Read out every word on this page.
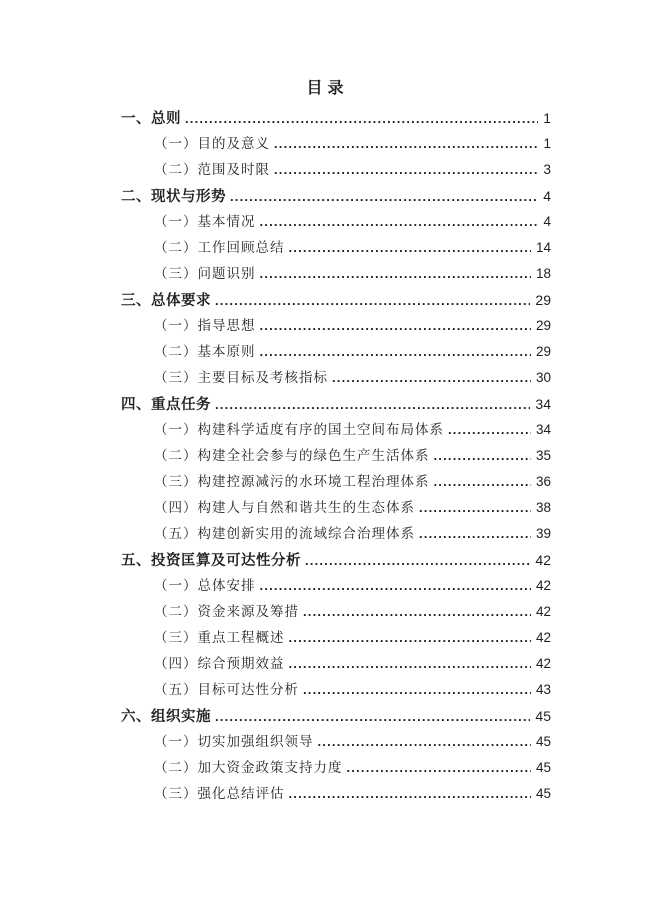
目录
一、总则 .....	1
（一）目的及意义 .....	1
（二）范围及时限 .....	3
二、现状与形势 .....	4
（一）基本情况 .....	4
（二）工作回顾总结 .....	14
（三）问题识别 .....	18
三、总体要求 .....	29
（一）指导思想 .....	29
（二）基本原则 .....	29
（三）主要目标及考核指标 .....	30
四、重点任务 .....	34
（一）构建科学适度有序的国土空间布局体系 .....	34
（二）构建全社会参与的绿色生产生活体系 .....	35
（三）构建控源减污的水环境工程治理体系 .....	36
（四）构建人与自然和谐共生的生态体系 .....	38
（五）构建创新实用的流域综合治理体系 .....	39
五、投资匡算及可达性分析 .....	42
（一）总体安排 .....	42
（二）资金来源及筹措 .....	42
（三）重点工程概述 .....	42
（四）综合预期效益 .....	42
（五）目标可达性分析 .....	43
六、组织实施 .....	45
（一）切实加强组织领导 .....	45
（二）加大资金政策支持力度 .....	45
（三）强化总结评估 .....	45
